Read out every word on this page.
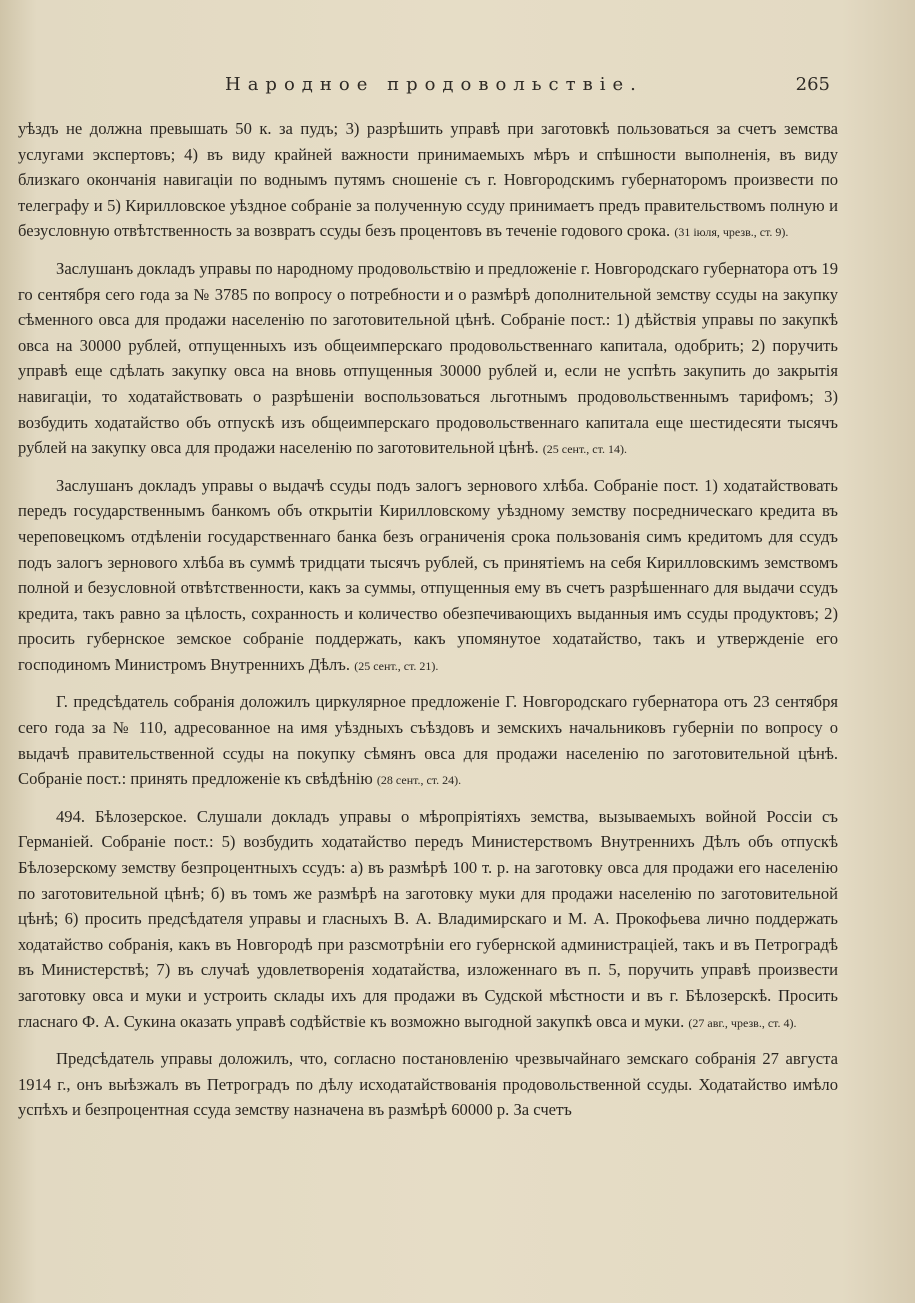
Народное продовольствіе.	265

уѣздъ не должна превышать 50 к. за пудъ; 3) разрѣшить управѣ при заготовкѣ пользоваться за счетъ земства услугами экспертовъ; 4) въ виду крайней важности принимаемыхъ мѣръ и спѣшности выполненія, въ виду близкаго окончанія навигаціи по воднымъ путямъ сношеніе съ г. Новгородскимъ губернаторомъ произвести по телеграфу и 5) Кирилловское уѣздное собраніе за полученную ссуду принимаетъ предъ правительствомъ полную и безусловную отвѣтственность за возвратъ ссуды безъ процентовъ въ теченіе годового срока. (31 іюля, чрезв., ст. 9).

Заслушанъ докладъ управы по народному продовольствію и предложеніе г. Новгородскаго губернатора отъ 19 го сентября сего года за № 3785 по вопросу о потребности и о размѣрѣ дополнительной земству ссуды на закупку сѣменного овса для продажи населенію по заготовительной цѣнѣ. Собраніе пост.: 1) дѣйствія управы по закупкѣ овса на 30000 рублей, отпущенныхъ изъ общеимперскаго продовольственнаго капитала, одобрить; 2) поручить управѣ еще сдѣлать закупку овса на вновь отпущенныя 30000 рублей и, если не успѣть закупить до закрытія навигаціи, то ходатайствовать о разрѣшеніи воспользоваться льготнымъ продовольственнымъ тарифомъ; 3) возбудить ходатайство объ отпускѣ изъ общеимперскаго продовольственнаго капитала еще шестидесяти тысячъ рублей на закупку овса для продажи населенію по заготовительной цѣнѣ. (25 сент., ст. 14).

Заслушанъ докладъ управы о выдачѣ ссуды подъ залогъ зернового хлѣба. Собраніе пост. 1) ходатайствовать передъ государственнымъ банкомъ объ открытіи Кирилловскому уѣздному земству посредническаго кредита въ череповецкомъ отдѣленіи государственнаго банка безъ ограниченія срока пользованія симъ кредитомъ для ссудъ подъ залогъ зернового хлѣба въ суммѣ тридцати тысячъ рублей, съ принятіемъ на себя Кирилловскимъ земствомъ полной и безусловной отвѣтственности, какъ за суммы, отпущенныя ему въ счетъ разрѣшеннаго для выдачи ссудъ кредита, такъ равно за цѣлость, сохранность и количество обезпечивающихъ выданныя имъ ссуды продуктовъ; 2) просить губернское земское собраніе поддержать, какъ упомянутое ходатайство, такъ и утвержденіе его господиномъ Министромъ Внутреннихъ Дѣлъ. (25 сент., ст. 21).

Г. предсѣдатель собранія доложилъ циркулярное предложеніе Г. Новгородскаго губернатора отъ 23 сентября сего года за № 110, адресованное на имя уѣздныхъ съѣздовъ и земскихъ начальниковъ губерніи по вопросу о выдачѣ правительственной ссуды на покупку сѣмянъ овса для продажи населенію по заготовительной цѣнѣ. Собраніе пост.: принять предложеніе къ свѣдѣнію (28 сент., ст. 24).

494. Бѣлозерское. Слушали докладъ управы о мѣропріятіяхъ земства, вызываемыхъ войной Россіи съ Германіей. Собраніе пост.: 5) возбудить ходатайство передъ Министерствомъ Внутреннихъ Дѣлъ объ отпускѣ Бѣлозерскому земству безпроцентныхъ ссудъ: а) въ размѣрѣ 100 т. р. на заготовку овса для продажи его населенію по заготовительной цѣнѣ; б) въ томъ же размѣрѣ на заготовку муки для продажи населенію по заготовительной цѣнѣ; 6) просить предсѣдателя управы и гласныхъ В. А. Владимирскаго и М. А. Прокофьева лично поддержать ходатайство собранія, какъ въ Новгородѣ при разсмотрѣніи его губернской администраціей, такъ и въ Петроградѣ въ Министерствѣ; 7) въ случаѣ удовлетворенія ходатайства, изложеннаго въ п. 5, поручить управѣ произвести заготовку овса и муки и устроить склады ихъ для продажи въ Судской мѣстности и въ г. Бѣлозерскѣ. Просить гласнаго Ф. А. Сукина оказать управѣ содѣйствіе къ возможно выгодной закупкѣ овса и муки. (27 авг., чрезв., ст. 4).

Предсѣдатель управы доложилъ, что, согласно постановленію чрезвычайнаго земскаго собранія 27 августа 1914 г., онъ выѣзжалъ въ Петроградъ по дѣлу исходатайствованія продовольственной ссуды. Ходатайство имѣло успѣхъ и безпроцентная ссуда земству назначена въ размѣрѣ 60000 р. За счетъ
